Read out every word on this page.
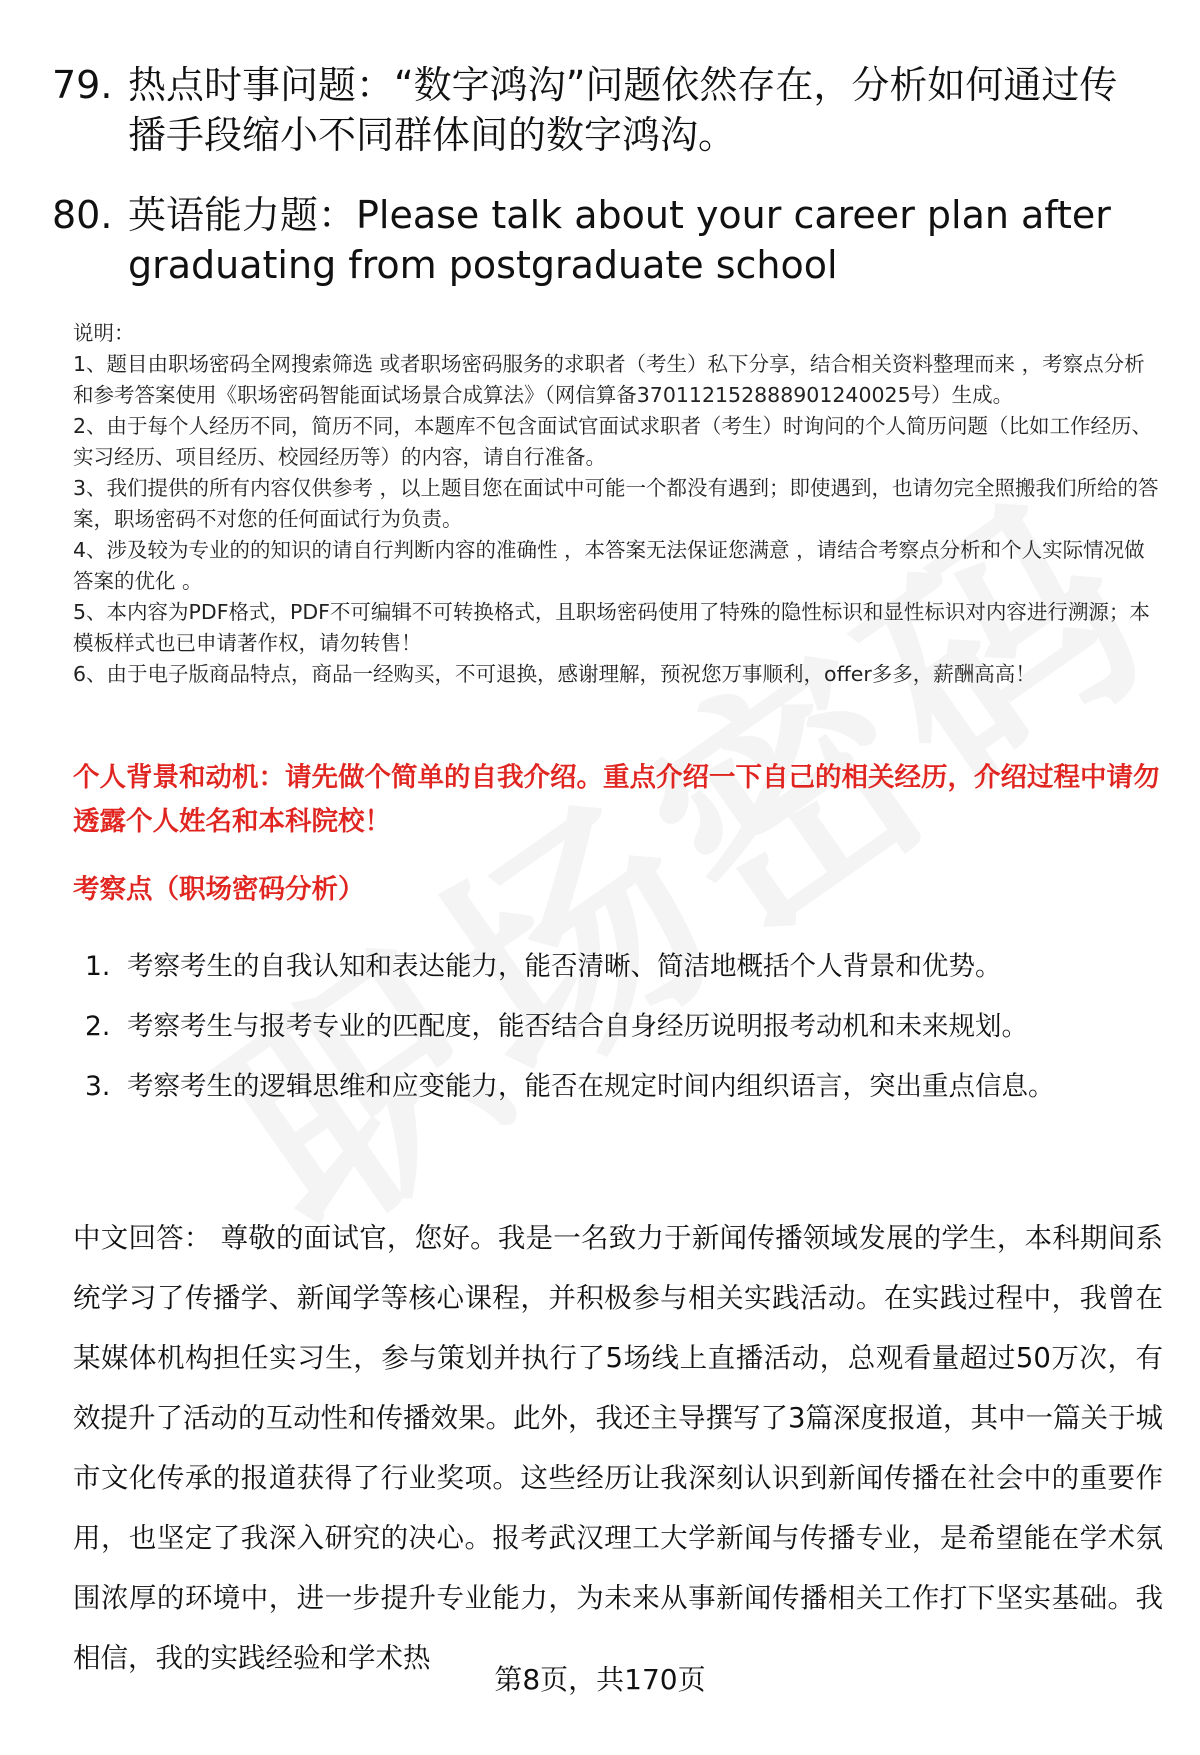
79. 热点时事问题：“数字鸿沟”问题依然存在，分析如何通过传播手段缩小不同群体间的数字鸿沟。
80. 英语能力题：Please talk about your career plan after graduating from postgraduate school

说明：

1、题目由职场密码全网搜索筛选 或者职场密码服务的求职者（考生）私下分享，结合相关资料整理而来 ，考察点分析和参考答案使用《职场密码智能面试场景合成算法》（网信算备370112152888901240025号）生成。

2、由于每个人经历不同，简历不同，本题库不包含面试官面试求职者（考生）时询问的个人简历问题（比如工作经历、实习经历、项目经历、校园经历等）的内容，请自行准备。

3、我们提供的所有内容仅供参考 ，以上题目您在面试中可能一个都没有遇到；即使遇到，也请勿完全照搬我们所给的答案，职场密码不对您的任何面试行为负责。

4、涉及较为专业的的知识的请自行判断内容的准确性 ，本答案无法保证您满意 ，请结合考察点分析和个人实际情况做答案的优化 。

5、本内容为PDF格式，PDF不可编辑不可转换格式，且职场密码使用了特殊的隐性标识和显性标识对内容进行溯源；本模板样式也已申请著作权，请勿转售！

6、由于电子版商品特点，商品一经购买，不可退换，感谢理解，预祝您万事顺利，offer多多，薪酬高高！

个人背景和动机：请先做个简单的自我介绍。重点介绍一下自己的相关经历，介绍过程中请勿透露个人姓名和本科院校！
考察点（职场密码分析）
1. 考察考生的自我认知和表达能力，能否清晰、简洁地概括个人背景和优势。
2. 考察考生与报考专业的匹配度，能否结合自身经历说明报考动机和未来规划。
3. 考察考生的逻辑思维和应变能力，能否在规定时间内组织语言，突出重点信息。
中文回答： 尊敬的面试官，您好。我是一名致力于新闻传播领域发展的学生，本科期间系统学习了传播学、新闻学等核心课程，并积极参与相关实践活动。在实践过程中，我曾在某媒体机构担任实习生，参与策划并执行了5场线上直播活动，总观看量超过50万次，有效提升了活动的互动性和传播效果。此外，我还主导撰写了3篇深度报道，其中一篇关于城市文化传承的报道获得了行业奖项。这些经历让我深刻认识到新闻传播在社会中的重要作用，也坚定了我深入研究的决心。报考武汉理工大学新闻与传播专业，是希望能在学术氛围浓厚的环境中，进一步提升专业能力，为未来从事新闻传播相关工作打下坚实基础。我相信，我的实践经验和学术热
第8页，共170页
